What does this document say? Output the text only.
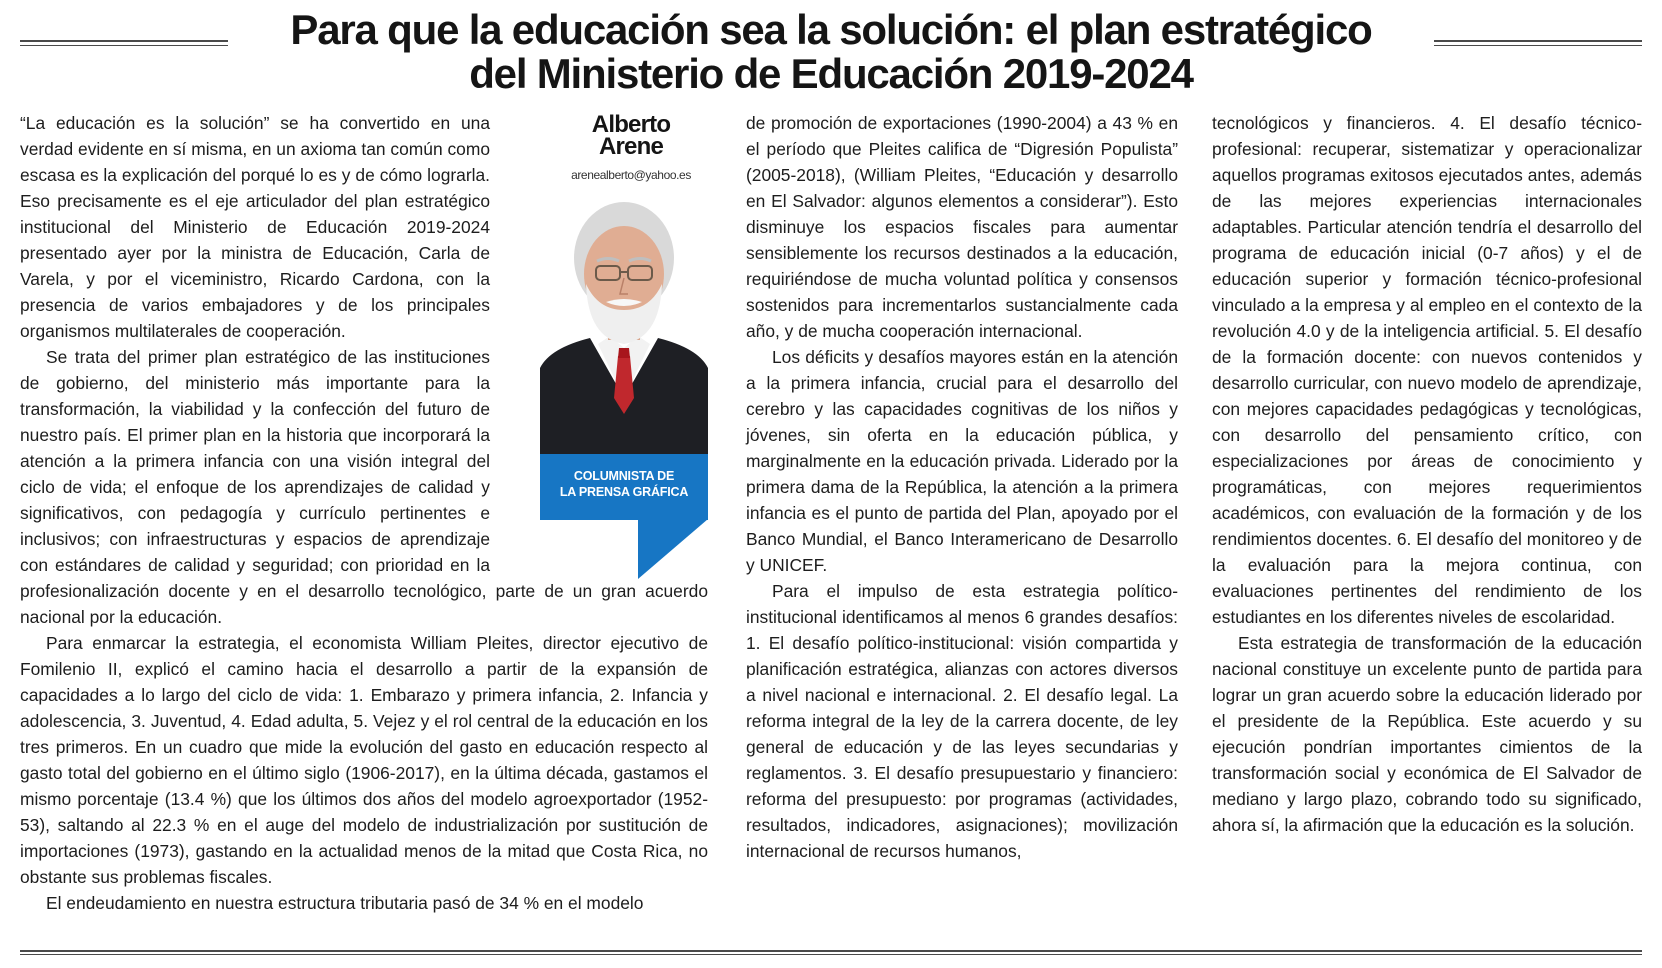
Para que la educación sea la solución: el plan estratégico
del Ministerio de Educación 2019-2024
Alberto
Arene
arenealberto@yahoo.es
COLUMNISTA DE
LA PRENSA GRÁFICA

“La educación es la solución” se ha convertido en una verdad evidente en sí misma, en un axioma tan común como escasa es la explicación del porqué lo es y de cómo lograrla. Eso precisamente es el eje articulador del plan estratégico institucional del Ministerio de Educación 2019-2024 presentado ayer por la ministra de Educación, Carla de Varela, y por el viceministro, Ricardo Cardona, con la presencia de varios embajadores y de los principales organismos multilaterales de cooperación.

Se trata del primer plan estratégico de las instituciones de gobierno, del ministerio más importante para la transformación, la viabilidad y la confección del futuro de nuestro país. El primer plan en la historia que incorporará la atención a la primera infancia con una visión integral del ciclo de vida; el enfoque de los aprendizajes de calidad y significativos, con pedagogía y currículo pertinentes e inclusivos; con infraestructuras y espacios de aprendizaje con estándares de calidad y seguridad; con prioridad en la profesionalización docente y en el desarrollo tecnológico, parte de un gran acuerdo nacional por la educación.

Para enmarcar la estrategia, el economista William Pleites, director ejecutivo de Fomilenio II, explicó el camino hacia el desarrollo a partir de la expansión de capacidades a lo largo del ciclo de vida: 1. Embarazo y primera infancia, 2. Infancia y adolescencia, 3. Juventud, 4. Edad adulta, 5. Vejez y el rol central de la educación en los tres primeros. En un cuadro que mide la evolución del gasto en educación respecto al gasto total del gobierno en el último siglo (1906-2017), en la última década, gastamos el mismo porcentaje (13.4 %) que los últimos dos años del modelo agroexportador (1952-53), saltando al 22.3 % en el auge del modelo de industrialización por sustitución de importaciones (1973), gastando en la actualidad menos de la mitad que Costa Rica, no obstante sus problemas fiscales.

El endeudamiento en nuestra estructura tributaria pasó de 34 % en el modelo

de promoción de exportaciones (1990-2004) a 43 % en el período que Pleites califica de “Digresión Populista” (2005-2018), (William Pleites, “Educación y desarrollo en El Salvador: algunos elementos a considerar”). Esto disminuye los espacios fiscales para aumentar sensiblemente los recursos destinados a la educación, requiriéndose de mucha voluntad política y consensos sostenidos para incrementarlos sustancialmente cada año, y de mucha cooperación internacional.

Los déficits y desafíos mayores están en la atención a la primera infancia, crucial para el desarrollo del cerebro y las capacidades cognitivas de los niños y jóvenes, sin oferta en la educación pública, y marginalmente en la educación privada. Liderado por la primera dama de la República, la atención a la primera infancia es el punto de partida del Plan, apoyado por el Banco Mundial, el Banco Interamericano de Desarrollo y UNICEF.

Para el impulso de esta estrategia político-institucional identificamos al menos 6 grandes desafíos: 1. El desafío político-institucional: visión compartida y planificación estratégica, alianzas con actores diversos a nivel nacional e internacional. 2. El desafío legal. La reforma integral de la ley de la carrera docente, de ley general de educación y de las leyes secundarias y reglamentos. 3. El desafío presupuestario y financiero: reforma del presupuesto: por programas (actividades, resultados, indicadores, asignaciones); movilización internacional de recursos humanos,

tecnológicos y financieros. 4. El desafío técnico-profesional: recuperar, sistematizar y operacionalizar aquellos programas exitosos ejecutados antes, además de las mejores experiencias internacionales adaptables. Particular atención tendría el desarrollo del programa de educación inicial (0-7 años) y el de educación superior y formación técnico-profesional vinculado a la empresa y al empleo en el contexto de la revolución 4.0 y de la inteligencia artificial. 5. El desafío de la formación docente: con nuevos contenidos y desarrollo curricular, con nuevo modelo de aprendizaje, con mejores capacidades pedagógicas y tecnológicas, con desarrollo del pensamiento crítico, con especializaciones por áreas de conocimiento y programáticas, con mejores requerimientos académicos, con evaluación de la formación y de los rendimientos docentes. 6. El desafío del monitoreo y de la evaluación para la mejora continua, con evaluaciones pertinentes del rendimiento de los estudiantes en los diferentes niveles de escolaridad.

Esta estrategia de transformación de la educación nacional constituye un excelente punto de partida para lograr un gran acuerdo sobre la educación liderado por el presidente de la República. Este acuerdo y su ejecución pondrían importantes cimientos de la transformación social y económica de El Salvador de mediano y largo plazo, cobrando todo su significado, ahora sí, la afirmación que la educación es la solución.
